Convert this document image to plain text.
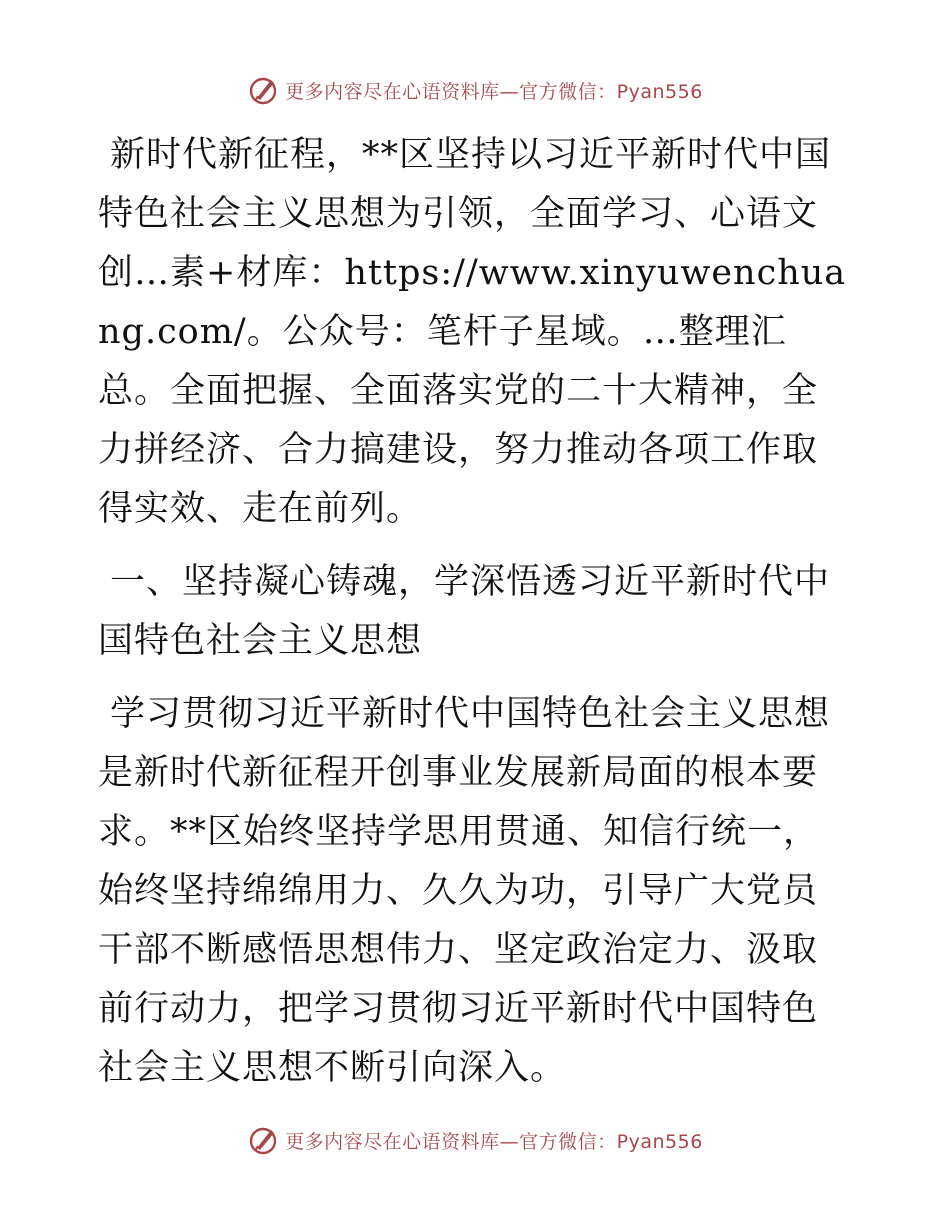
更多内容尽在心语资料库—官方微信：Pyan556

新时代新征程，**区坚持以习近平新时代中国特色社会主义思想为引领，全面学习、心语文创…素+材库：https://www.xinyuwenchuang.com/。公众号：笔杆子星域。…整理汇总。全面把握、全面落实党的二十大精神，全力拼经济、合力搞建设，努力推动各项工作取得实效、走在前列。

一、坚持凝心铸魂，学深悟透习近平新时代中国特色社会主义思想

学习贯彻习近平新时代中国特色社会主义思想是新时代新征程开创事业发展新局面的根本要求。**区始终坚持学思用贯通、知信行统一，始终坚持绵绵用力、久久为功，引导广大党员干部不断感悟思想伟力、坚定政治定力、汲取前行动力，把学习贯彻习近平新时代中国特色社会主义思想不断引向深入。

更多内容尽在心语资料库—官方微信：Pyan556
